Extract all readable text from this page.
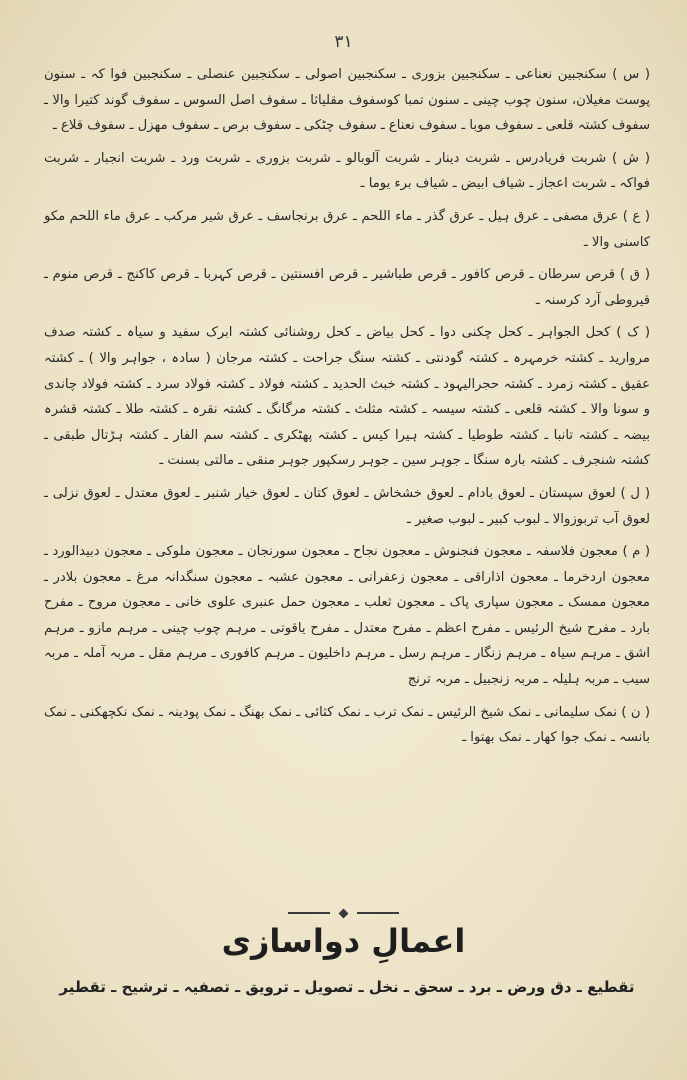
۳۱

( س ) سکنجبین نعناعی ـ سکنجبین بزوری ـ سکنجبین اصولی ـ سکنجبین عنصلی ـ سکنجبین فوا کہ ـ سنون پوست مغیلان، سنون چوب چینی ـ سنون تمبا کوسفوف مقلیاثا ـ سفوف اصل السوس ـ سفوف گوند کتیرا والا ـ سفوف کشتہ قلعی ـ سفوف موبا ـ سفوف نعناع ـ سفوف چٹکی ـ سفوف برص ـ سفوف مھزل ـ سفوف قلاع ـ

( ش ) شربت فریادرس ـ شربت دینار ـ شربت آلوبالو ـ شربت بزوری ـ شربت ورد ـ شربت انجبار ـ شربت فواکہ ـ شربت اعجاز ـ شیاف ابیض ـ شیاف برء یوما ـ

( ع ) عرق مصفی ـ عرق ہیل ـ عرق گذر ـ ماء اللحم ـ عرق برنجاسف ـ عرق شیر مرکب ـ عرق ماء اللحم مکو کاسنی والا ـ

( ق ) قرص سرطان ـ قرص کافور ـ قرص طباشیر ـ قرص افسنتین ـ قرص کہربا ـ قرص کاکنج ـ قرص منوم ـ قیروطی آرد کرسنہ ـ

( ک ) کحل الجواہر ـ کحل چکنی دوا ـ کحل بیاض ـ کحل روشنائی کشتہ ابرک سفید و سیاہ ـ کشتہ صدف مروارید ـ کشتہ خرمہرہ ـ کشتہ گودنتی ـ کشتہ سنگ جراحت ـ کشتہ مرجان ( سادہ ، جواہر والا ) ـ کشتہ عقیق ـ کشتہ زمرد ـ کشتہ حجرالیہود ـ کشتہ خبث الحدید ـ کشتہ فولاد ـ کشتہ فولاد سرد ـ کشتہ فولاد چاندی و سونا والا ـ کشتہ قلعی ـ کشتہ سیسہ ـ کشتہ مثلث ـ کشتہ مرگانگ ـ کشتہ نقرہ ـ کشتہ طلا ـ کشتہ قشرہ بیضہ ـ کشتہ تانبا ـ کشتہ طوطیا ـ کشتہ ہیرا کیس ـ کشتہ پھٹکری ـ کشتہ سم الفار ـ کشتہ ہڑتال طبقی ـ کشتہ شنجرف ـ کشتہ بارہ سنگا ـ جوہر سین ـ جوہر رسکپور جوہر منقی ـ مالتی بسنت ـ

( ل ) لعوق سپستان ـ لعوق بادام ـ لعوق خشخاش ـ لعوق کتان ـ لعوق خیار شنبر ـ لعوق معتدل ـ لعوق نزلی ـ لعوق آب تربوزوالا ـ لبوب کبیر ـ لبوب صغیر ـ

( م ) معجون فلاسفہ ـ معجون فنجنوش ـ معجون نجاح ـ معجون سورنجان ـ معجون ملوکی ـ معجون دبیدالورد ـ معجون اردخرما ـ معجون اذاراقی ـ معجون زعفرانی ـ معجون عشبہ ـ معجون سنگدانہ مرغ ـ معجون بلادر ـ معجون ممسک ـ معجون سپاری پاک ـ معجون ثعلب ـ معجون حمل عنبری علوی خانی ـ معجون مروح ـ مفرح بارد ـ مفرح شیخ الرئیس ـ مفرح اعظم ـ مفرح معتدل ـ مفرح یاقوتی ـ مرہم چوب چینی ـ مرہم مازو ـ مرہم اشق ـ مرہم سیاہ ـ مرہم زنگار ـ مرہم رسل ـ مرہم داخلیون ـ مرہم کافوری ـ مرہم مقل ـ مربہ آملہ ـ مربہ سیب ـ مربہ ہلیلہ ـ مربہ زنجبیل ـ مربہ ترنج

( ن ) نمک سلیمانی ـ نمک شیخ الرئیس ـ نمک ترب ـ نمک کثائی ـ نمک بھنگ ـ نمک پودینہ ـ نمک نکچھکنی ـ نمک بانسہ ـ نمک جوا کھار ـ نمک بھتوا ـ

اعمالِ دواسازی
تقطیع ـ دق ورض ـ برد ـ سحق ـ نخل ـ تصویل ـ ترویق ـ تصفیہ ـ ترشیح ـ تقطیر
